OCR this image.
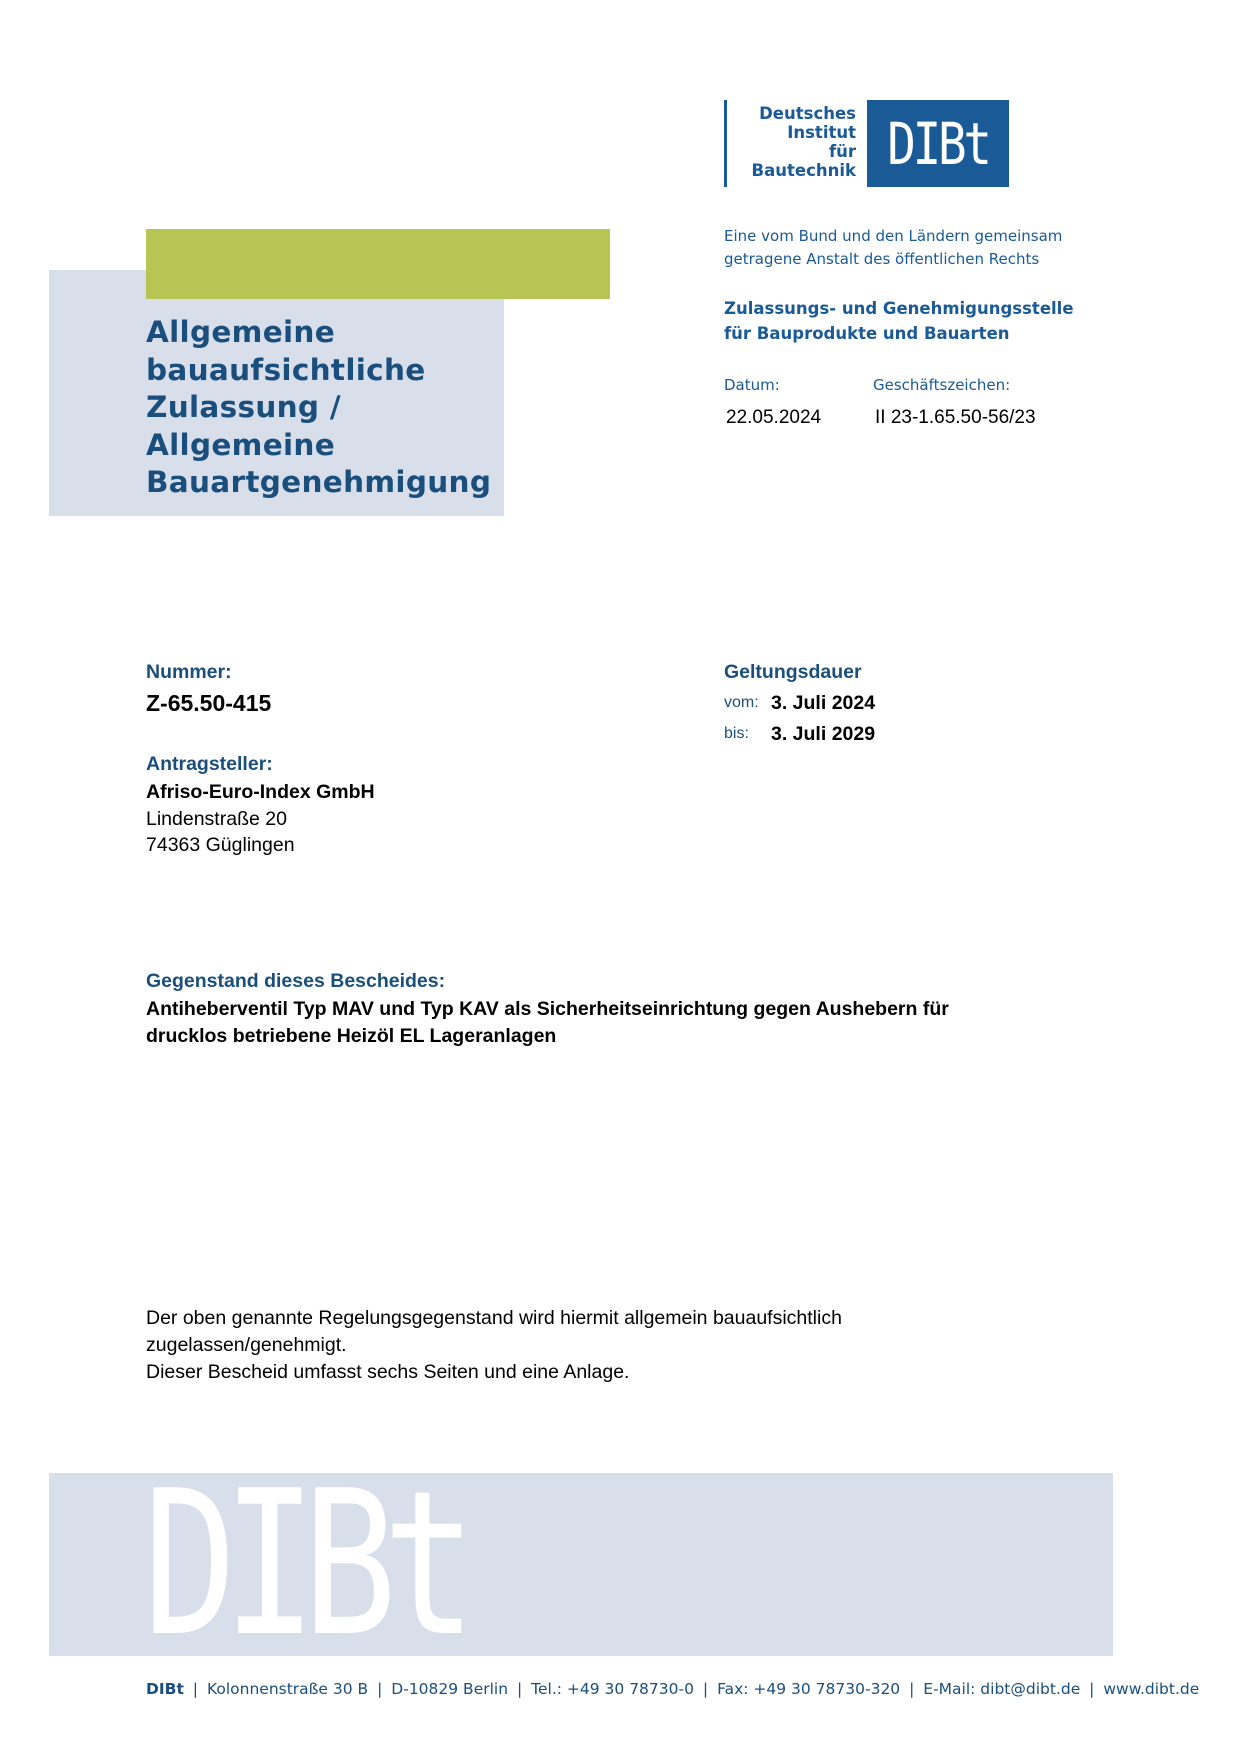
Deutsches
Institut
für
Bautechnik DIBt
Eine vom Bund und den Ländern gemeinsam
getragene Anstalt des öffentlichen Rechts
Zulassungs- und Genehmigungsstelle
für Bauprodukte und Bauarten
Datum:	Geschäftszeichen:
22.05.2024	II 23-1.65.50-56/23
Allgemeine
bauaufsichtliche
Zulassung /
Allgemeine
Bauartgenehmigung
Nummer:
Z-65.50-415
Geltungsdauer
vom: 3. Juli 2024
bis: 3. Juli 2029
Antragsteller:
Afriso-Euro-Index GmbH
Lindenstraße 20
74363 Güglingen
Gegenstand dieses Bescheides:
Antiheberventil Typ MAV und Typ KAV als Sicherheitseinrichtung gegen Aushebern für
drucklos betriebene Heizöl EL Lageranlagen
Der oben genannte Regelungsgegenstand wird hiermit allgemein bauaufsichtlich
zugelassen/genehmigt.
Dieser Bescheid umfasst sechs Seiten und eine Anlage.
DIBt
DIBt | Kolonnenstraße 30 B | D-10829 Berlin | Tel.: +49 30 78730-0 | Fax: +49 30 78730-320 | E-Mail: dibt@dibt.de | www.dibt.de
